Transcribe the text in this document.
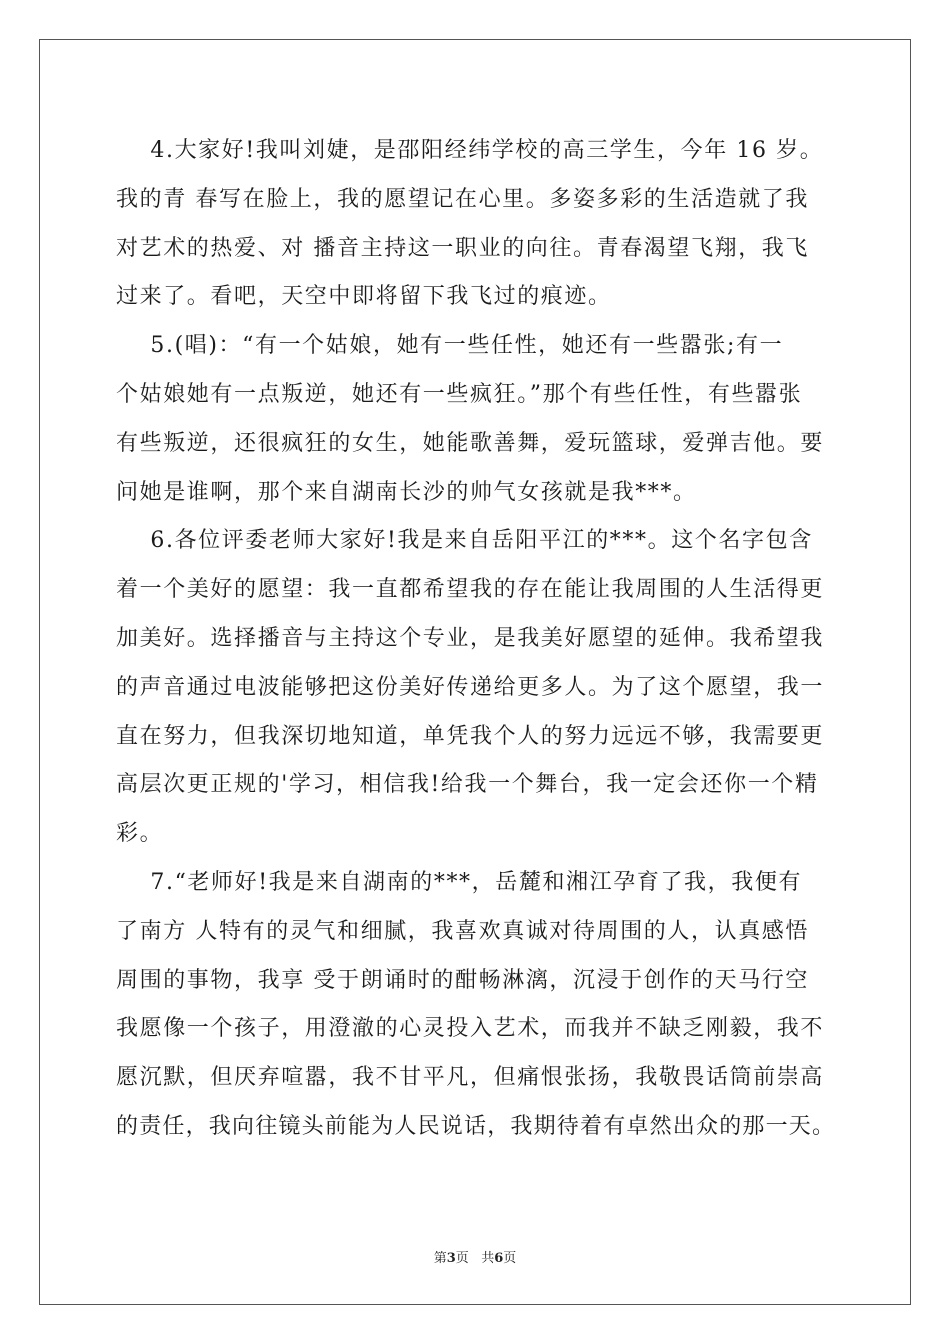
4.大家好!我叫刘婕，是邵阳经纬学校的高三学生，今年 16 岁。
我的青 春写在脸上，我的愿望记在心里。多姿多彩的生活造就了我
对艺术的热爱、对 播音主持这一职业的向往。青春渴望飞翔，我飞
过来了。看吧，天空中即将留下我飞过的痕迹。
5.(唱)：“有一个姑娘，她有一些任性，她还有一些嚣张;有一
个姑娘她有一点叛逆，她还有一些疯狂。”那个有些任性，有些嚣张
有些叛逆，还很疯狂的女生，她能歌善舞，爱玩篮球，爱弹吉他。要
问她是谁啊，那个来自湖南长沙的帅气女孩就是我***。
6.各位评委老师大家好!我是来自岳阳平江的***。这个名字包含
着一个美好的愿望：我一直都希望我的存在能让我周围的人生活得更
加美好。选择播音与主持这个专业，是我美好愿望的延伸。我希望我
的声音通过电波能够把这份美好传递给更多人。为了这个愿望，我一
直在努力，但我深切地知道，单凭我个人的努力远远不够，我需要更
高层次更正规的'学习，相信我!给我一个舞台，我一定会还你一个精
彩。
7.“老师好!我是来自湖南的***，岳麓和湘江孕育了我，我便有
了南方 人特有的灵气和细腻，我喜欢真诚对待周围的人，认真感悟
周围的事物，我享 受于朗诵时的酣畅淋漓，沉浸于创作的天马行空
我愿像一个孩子，用澄澈的心灵投入艺术，而我并不缺乏刚毅，我不
愿沉默，但厌弃喧嚣，我不甘平凡，但痛恨张扬，我敬畏话筒前崇高
的责任，我向往镜头前能为人民说话，我期待着有卓然出众的那一天。
第3页 共6页
